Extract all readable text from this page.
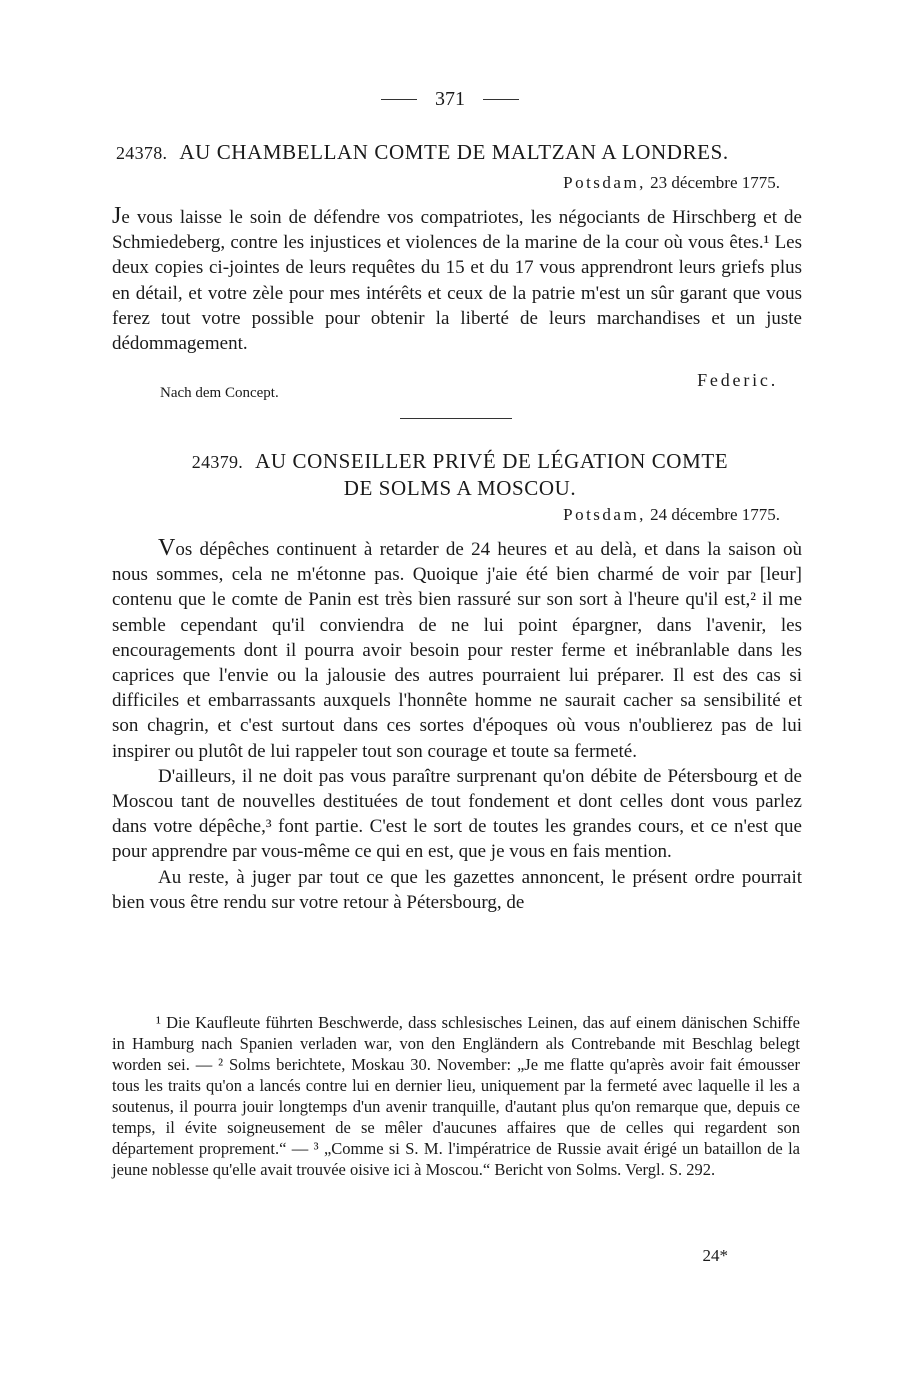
371
24378. AU CHAMBELLAN COMTE DE MALTZAN A LONDRES.
Potsdam, 23 décembre 1775.

Je vous laisse le soin de défendre vos compatriotes, les négociants de Hirschberg et de Schmiedeberg, contre les injustices et violences de la marine de la cour où vous êtes.¹ Les deux copies ci-jointes de leurs requêtes du 15 et du 17 vous apprendront leurs griefs plus en détail, et votre zèle pour mes intérêts et ceux de la patrie m'est un sûr garant que vous ferez tout votre possible pour obtenir la liberté de leurs marchandises et un juste dédommagement.

Federic.
Nach dem Concept.
24379. AU CONSEILLER PRIVÉ DE LÉGATION COMTE
DE SOLMS A MOSCOU.
Potsdam, 24 décembre 1775.

Vos dépêches continuent à retarder de 24 heures et au delà, et dans la saison où nous sommes, cela ne m'étonne pas. Quoique j'aie été bien charmé de voir par [leur] contenu que le comte de Panin est très bien rassuré sur son sort à l'heure qu'il est,² il me semble cependant qu'il conviendra de ne lui point épargner, dans l'avenir, les encouragements dont il pourra avoir besoin pour rester ferme et inébranlable dans les caprices que l'envie ou la jalousie des autres pourraient lui préparer. Il est des cas si difficiles et embarrassants auxquels l'honnête homme ne saurait cacher sa sensibilité et son chagrin, et c'est surtout dans ces sortes d'époques où vous n'oublierez pas de lui inspirer ou plutôt de lui rappeler tout son courage et toute sa fermeté.

D'ailleurs, il ne doit pas vous paraître surprenant qu'on débite de Pétersbourg et de Moscou tant de nouvelles destituées de tout fondement et dont celles dont vous parlez dans votre dépêche,³ font partie. C'est le sort de toutes les grandes cours, et ce n'est que pour apprendre par vous-même ce qui en est, que je vous en fais mention.

Au reste, à juger par tout ce que les gazettes annoncent, le présent ordre pourrait bien vous être rendu sur votre retour à Pétersbourg, de

¹ Die Kaufleute führten Beschwerde, dass schlesisches Leinen, das auf einem dänischen Schiffe in Hamburg nach Spanien verladen war, von den Engländern als Contrebande mit Beschlag belegt worden sei. — ² Solms berichtete, Moskau 30. November: „Je me flatte qu'après avoir fait émousser tous les traits qu'on a lancés contre lui en dernier lieu, uniquement par la fermeté avec laquelle il les a soutenus, il pourra jouir longtemps d'un avenir tranquille, d'autant plus qu'on remarque que, depuis ce temps, il évite soigneusement de se mêler d'aucunes affaires que de celles qui regardent son département proprement.“ — ³ „Comme si S. M. l'impératrice de Russie avait érigé un bataillon de la jeune noblesse qu'elle avait trouvée oisive ici à Moscou.“ Bericht von Solms. Vergl. S. 292.

24*
